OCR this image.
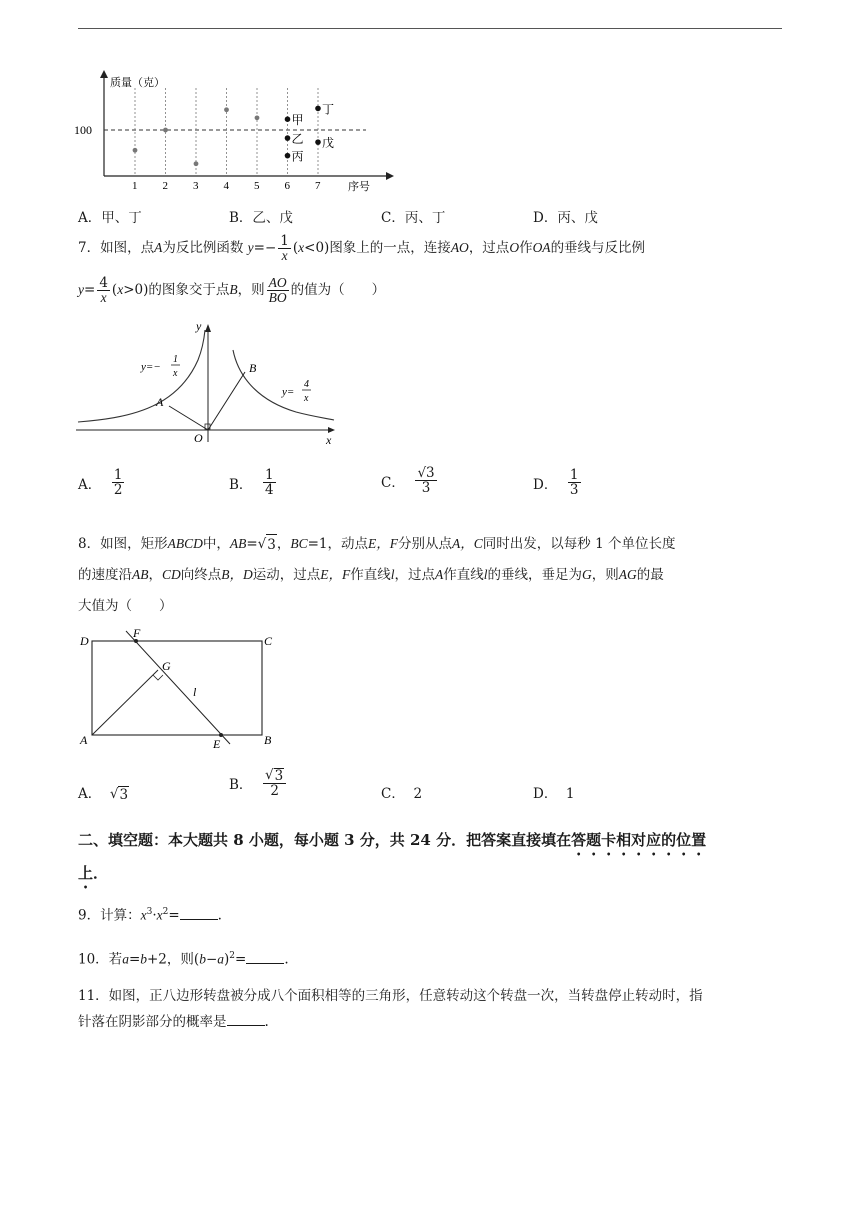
质量（克）
序号
100
1 2 3 4 5 6 7
甲
乙
丙
丁
戊
A．甲、丁	B．乙、戊	C．丙、丁	D．丙、戊
7．如图，点A为反比例函数 $y=- \frac{1}{x} (x<0)$图象上的一点，连接AO，过点O作OA的垂线与反比例
$y= \frac{4}{x} (x>0)$的图象交于点B，则 $\frac{AO}{BO}$ 的值为（　　）
A
B
O	x
y
y=−
1
x
y=
4
x
A．
$\frac{1}{2}$	B．
$\frac{1}{4}$	C．
$\frac{√3}{3}$	D．
$\frac{1}{3}$
8．如图，矩形ABCD中，AB=√ 3 ，BC=1，动点E，F分别从点A，C同时出发，以每秒 1 个单位长度
的速度沿AB，CD向终点B，D运动，过点E，F作直线l，过点A作直线l的垂线，垂足为G，则AG的最
大值为（　　）
D	C
A	B
F
E
G
l
A． √ 3
B．
$\frac{√ 3}{2}$	C． 2	D． 1
二、填空题：本大题共 8 小题，每小题 3 分，共 24 分．把答案直接填在答题卡相对应的位置
上．
9．计算：$x^3\cdot x^2=$	.
10．若a=b+2，则$(b-a)^2=$	.
11．如图，正八边形转盘被分成八个面积相等的三角形，任意转动这个转盘一次，当转盘停止转动时，指
针落在阴影部分的概率是	.
